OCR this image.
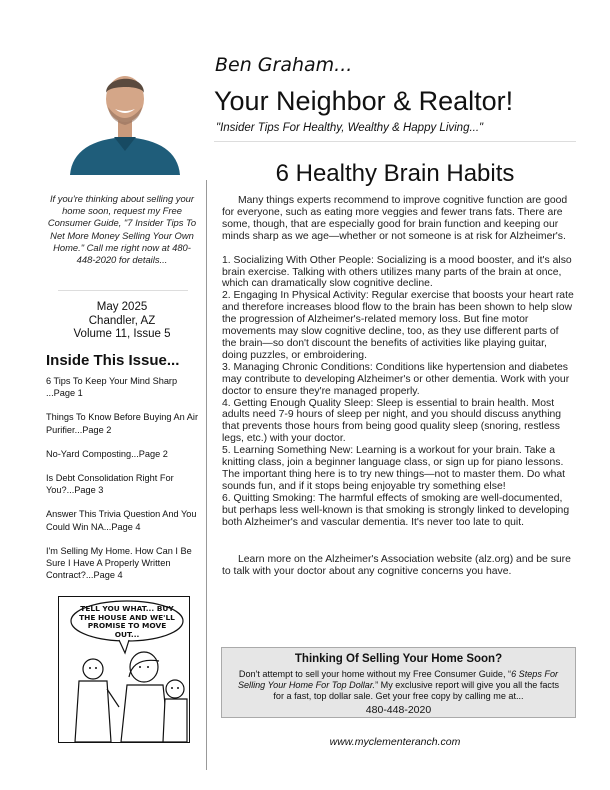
If you're thinking about selling your home soon, request my Free Consumer Guide, "7 Insider Tips To Net More Money Selling Your Own Home." Call me right now at 480-448-2020 for details...
May 2025
Chandler, AZ
Volume 11, Issue 5
Inside This Issue...
6 Tips To Keep Your Mind Sharp ...Page 1
Things To Know Before Buying An Air Purifier...Page 2
No-Yard Composting...Page 2
Is Debt Consolidation Right For You?...Page 3
Answer This Trivia Question And You Could Win NA...Page 4
I'm Selling My Home. How Can I Be Sure I Have A Properly Written Contract?...Page 4
TELL YOU WHAT... BUY THE HOUSE AND WE'LL PROMISE TO MOVE OUT...
Ben Graham...
Your Neighbor & Realtor!
"Insider Tips For Healthy, Wealthy & Happy Living..."
6 Healthy Brain Habits

Many things experts recommend to improve cognitive function are good for everyone, such as eating more veggies and fewer trans fats. There are some, though, that are especially good for brain function and keeping our minds sharp as we age—whether or not someone is at risk for Alzheimer's.

1. Socializing With Other People: Socializing is a mood booster, and it's also brain exercise. Talking with others utilizes many parts of the brain at once, which can dramatically slow cognitive decline.

2. Engaging In Physical Activity: Regular exercise that boosts your heart rate and therefore increases blood flow to the brain has been shown to help slow the progression of Alzheimer's-related memory loss. But fine motor movements may slow cognitive decline, too, as they use different parts of the brain—so don't discount the benefits of activities like playing guitar, doing puzzles, or embroidering.

3. Managing Chronic Conditions: Conditions like hypertension and diabetes may contribute to developing Alzheimer's or other dementia. Work with your doctor to ensure they're managed properly.

4. Getting Enough Quality Sleep: Sleep is essential to brain health. Most adults need 7-9 hours of sleep per night, and you should discuss anything that prevents those hours from being good quality sleep (snoring, restless legs, etc.) with your doctor.

5. Learning Something New: Learning is a workout for your brain. Take a knitting class, join a beginner language class, or sign up for piano lessons. The important thing here is to try new things—not to master them. Do what sounds fun, and if it stops being enjoyable try something else!

6. Quitting Smoking: The harmful effects of smoking are well-documented, but perhaps less well-known is that smoking is strongly linked to developing both Alzheimer's and vascular dementia. It's never too late to quit.

Learn more on the Alzheimer's Association website (alz.org) and be sure to talk with your doctor about any cognitive concerns you have.

Thinking Of Selling Your Home Soon?
Don't attempt to sell your home without my Free Consumer Guide, “6 Steps For Selling Your Home For Top Dollar.” My exclusive report will give you all the facts for a fast, top dollar sale. Get your free copy by calling me at...
480-448-2020
www.myclementeranch.com
